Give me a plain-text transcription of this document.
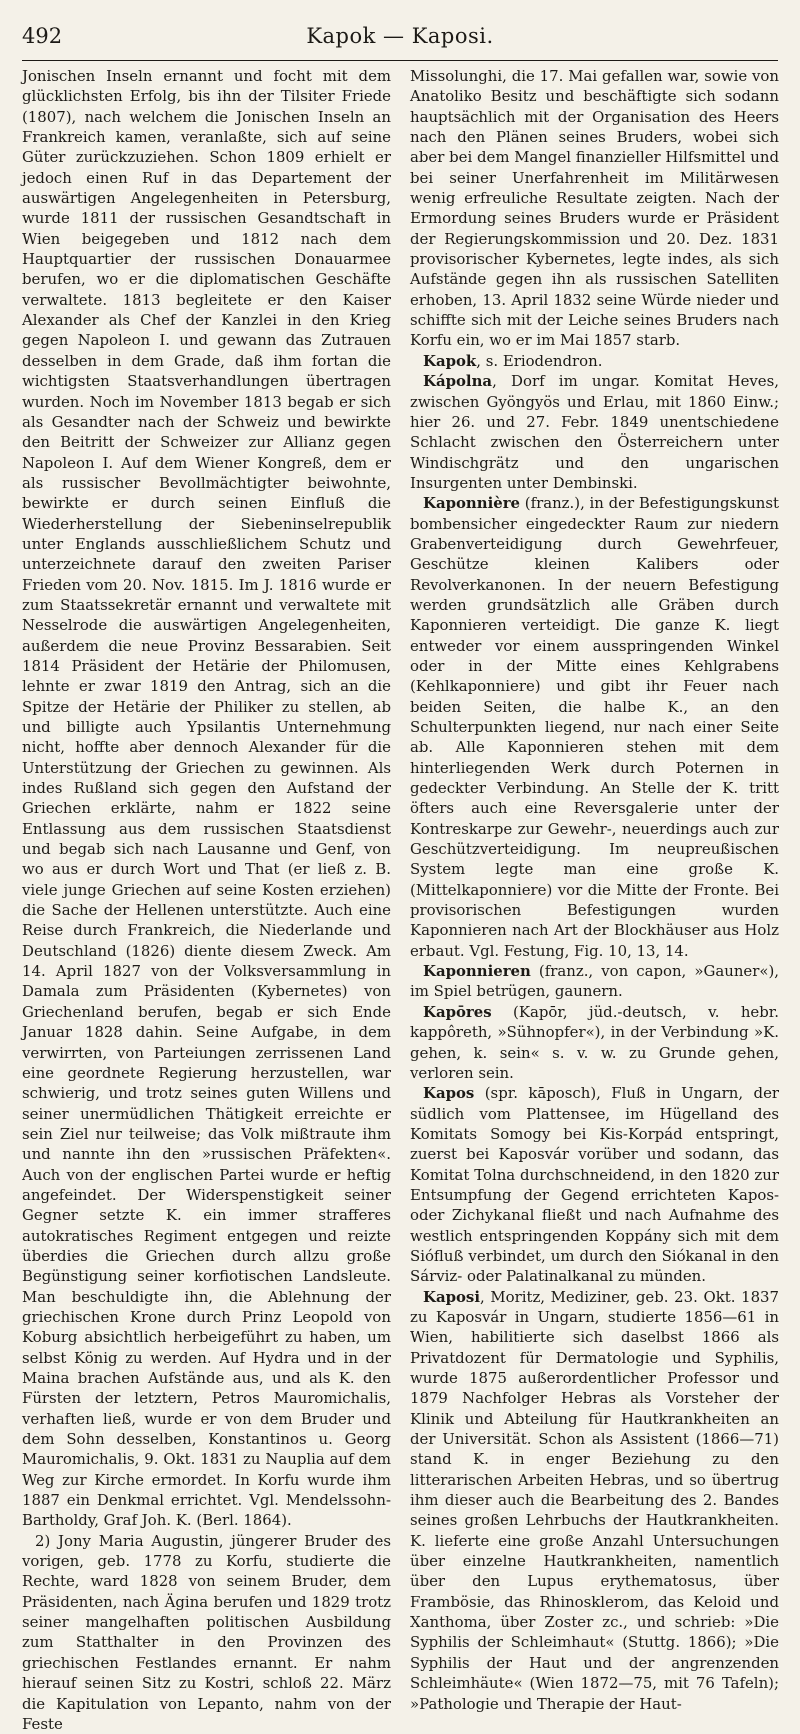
492	Kapok — Kaposi.

Jonischen Inseln ernannt und focht mit dem glücklichsten Erfolg, bis ihn der Tilsiter Friede (1807), nach welchem die Jonischen Inseln an Frankreich kamen, veranlaßte, sich auf seine Güter zurückzuziehen. Schon 1809 erhielt er jedoch einen Ruf in das Departement der auswärtigen Angelegenheiten in Petersburg, wurde 1811 der russischen Gesandtschaft in Wien beigegeben und 1812 nach dem Hauptquartier der russischen Donauarmee berufen, wo er die diplomatischen Geschäfte verwaltete. 1813 begleitete er den Kaiser Alexander als Chef der Kanzlei in den Krieg gegen Napoleon I. und gewann das Zutrauen desselben in dem Grade, daß ihm fortan die wichtigsten Staatsverhandlungen übertragen wurden. Noch im November 1813 begab er sich als Gesandter nach der Schweiz und bewirkte den Beitritt der Schweizer zur Allianz gegen Napoleon I. Auf dem Wiener Kongreß, dem er als russischer Bevollmächtigter beiwohnte, bewirkte er durch seinen Einfluß die Wiederherstellung der Siebeninselrepublik unter Englands ausschließlichem Schutz und unterzeichnete darauf den zweiten Pariser Frieden vom 20. Nov. 1815. Im J. 1816 wurde er zum Staatssekretär ernannt und verwaltete mit Nesselrode die auswärtigen Angelegenheiten, außerdem die neue Provinz Bessarabien. Seit 1814 Präsident der Hetärie der Philomusen, lehnte er zwar 1819 den Antrag, sich an die Spitze der Hetärie der Philiker zu stellen, ab und billigte auch Ypsilantis Unternehmung nicht, hoffte aber dennoch Alexander für die Unterstützung der Griechen zu gewinnen. Als indes Rußland sich gegen den Aufstand der Griechen erklärte, nahm er 1822 seine Entlassung aus dem russischen Staatsdienst und begab sich nach Lausanne und Genf, von wo aus er durch Wort und That (er ließ z. B. viele junge Griechen auf seine Kosten erziehen) die Sache der Hellenen unterstützte. Auch eine Reise durch Frankreich, die Niederlande und Deutschland (1826) diente diesem Zweck. Am 14. April 1827 von der Volksversammlung in Damala zum Präsidenten (Kybernetes) von Griechenland berufen, begab er sich Ende Januar 1828 dahin. Seine Aufgabe, in dem verwirrten, von Parteiungen zerrissenen Land eine geordnete Regierung herzustellen, war schwierig, und trotz seines guten Willens und seiner unermüdlichen Thätigkeit erreichte er sein Ziel nur teilweise; das Volk mißtraute ihm und nannte ihn den »russischen Präfekten«. Auch von der englischen Partei wurde er heftig angefeindet. Der Widerspenstigkeit seiner Gegner setzte K. ein immer strafferes autokratisches Regiment entgegen und reizte überdies die Griechen durch allzu große Begünstigung seiner korfiotischen Landsleute. Man beschuldigte ihn, die Ablehnung der griechischen Krone durch Prinz Leopold von Koburg absichtlich herbeigeführt zu haben, um selbst König zu werden. Auf Hydra und in der Maina brachen Aufstände aus, und als K. den Fürsten der letztern, Petros Mauromichalis, verhaften ließ, wurde er von dem Bruder und dem Sohn desselben, Konstantinos u. Georg Mauromichalis, 9. Okt. 1831 zu Nauplia auf dem Weg zur Kirche ermordet. In Korfu wurde ihm 1887 ein Denkmal errichtet. Vgl. Mendelssohn-Bartholdy, Graf Joh. K. (Berl. 1864).

2) Jony Maria Augustin, jüngerer Bruder des vorigen, geb. 1778 zu Korfu, studierte die Rechte, ward 1828 von seinem Bruder, dem Präsidenten, nach Ägina berufen und 1829 trotz seiner mangelhaften politischen Ausbildung zum Statthalter in den Provinzen des griechischen Festlandes ernannt. Er nahm hierauf seinen Sitz zu Kostri, schloß 22. März die Kapitulation von Lepanto, nahm von der Feste

Missolunghi, die 17. Mai gefallen war, sowie von Anatoliko Besitz und beschäftigte sich sodann hauptsächlich mit der Organisation des Heers nach den Plänen seines Bruders, wobei sich aber bei dem Mangel finanzieller Hilfsmittel und bei seiner Unerfahrenheit im Militärwesen wenig erfreuliche Resultate zeigten. Nach der Ermordung seines Bruders wurde er Präsident der Regierungskommission und 20. Dez. 1831 provisorischer Kybernetes, legte indes, als sich Aufstände gegen ihn als russischen Satelliten erhoben, 13. April 1832 seine Würde nieder und schiffte sich mit der Leiche seines Bruders nach Korfu ein, wo er im Mai 1857 starb.

Kapok, s. Eriodendron.

Kápolna, Dorf im ungar. Komitat Heves, zwischen Gyöngyös und Erlau, mit 1860 Einw.; hier 26. und 27. Febr. 1849 unentschiedene Schlacht zwischen den Österreichern unter Windischgrätz und den ungarischen Insurgenten unter Dembinski.

Kaponnière (franz.), in der Befestigungskunst bombensicher eingedeckter Raum zur niedern Grabenverteidigung durch Gewehrfeuer, Geschütze kleinen Kalibers oder Revolverkanonen. In der neuern Befestigung werden grundsätzlich alle Gräben durch Kaponnieren verteidigt. Die ganze K. liegt entweder vor einem ausspringenden Winkel oder in der Mitte eines Kehlgrabens (Kehlkaponniere) und gibt ihr Feuer nach beiden Seiten, die halbe K., an den Schulterpunkten liegend, nur nach einer Seite ab. Alle Kaponnieren stehen mit dem hinterliegenden Werk durch Poternen in gedeckter Verbindung. An Stelle der K. tritt öfters auch eine Reversgalerie unter der Kontreskarpe zur Gewehr-, neuerdings auch zur Geschützverteidigung. Im neupreußischen System legte man eine große K. (Mittelkaponniere) vor die Mitte der Fronte. Bei provisorischen Befestigungen wurden Kaponnieren nach Art der Blockhäuser aus Holz erbaut. Vgl. Festung, Fig. 10, 13, 14.

Kaponnieren (franz., von capon, »Gauner«), im Spiel betrügen, gaunern.

Kapōres (Kapōr, jüd.-deutsch, v. hebr. kappôreth, »Sühnopfer«), in der Verbindung »K. gehen, k. sein« s. v. w. zu Grunde gehen, verloren sein.

Kapos (spr. kāposch), Fluß in Ungarn, der südlich vom Plattensee, im Hügelland des Komitats Somogy bei Kis-Korpád entspringt, zuerst bei Kaposvár vorüber und sodann, das Komitat Tolna durchschneidend, in den 1820 zur Entsumpfung der Gegend errichteten Kapos- oder Zichykanal fließt und nach Aufnahme des westlich entspringenden Koppány sich mit dem Siófluß verbindet, um durch den Siókanal in den Sárviz- oder Palatinalkanal zu münden.

Kaposi, Moritz, Mediziner, geb. 23. Okt. 1837 zu Kaposvár in Ungarn, studierte 1856—61 in Wien, habilitierte sich daselbst 1866 als Privatdozent für Dermatologie und Syphilis, wurde 1875 außerordentlicher Professor und 1879 Nachfolger Hebras als Vorsteher der Klinik und Abteilung für Hautkrankheiten an der Universität. Schon als Assistent (1866—71) stand K. in enger Beziehung zu den litterarischen Arbeiten Hebras, und so übertrug ihm dieser auch die Bearbeitung des 2. Bandes seines großen Lehrbuchs der Hautkrankheiten. K. lieferte eine große Anzahl Untersuchungen über einzelne Hautkrankheiten, namentlich über den Lupus erythematosus, über Frambösie, das Rhinosklerom, das Keloid und Xanthoma, über Zoster zc., und schrieb: »Die Syphilis der Schleimhaut« (Stuttg. 1866); »Die Syphilis der Haut und der angrenzenden Schleimhäute« (Wien 1872—75, mit 76 Tafeln); »Pathologie und Therapie der Haut-
